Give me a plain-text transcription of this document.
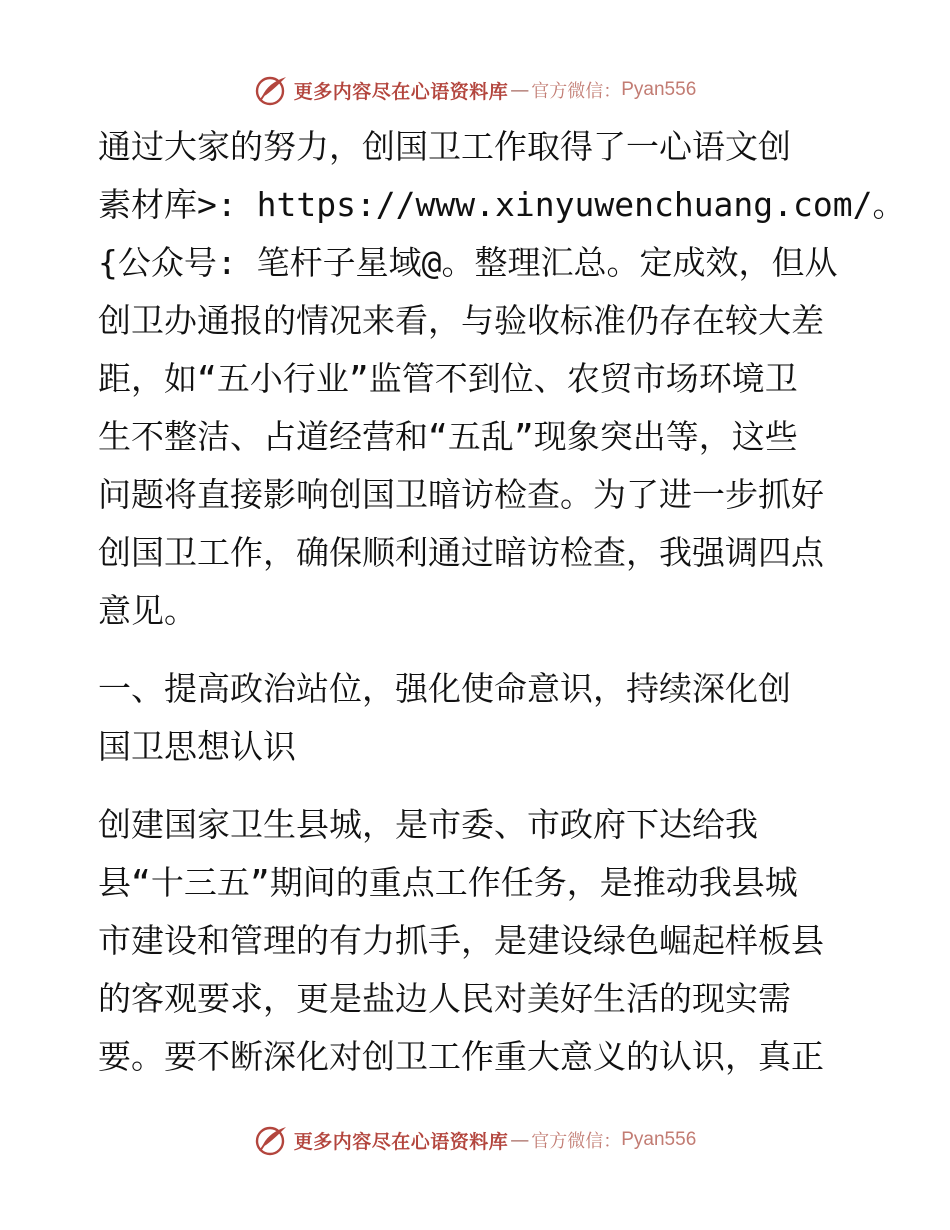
更多内容尽在心语资料库 — 官方微信： Pyan556
通过大家的努力，创国卫工作取得了一心语文创
素材库>: https://www.xinyuwenchuang.com/。
{公众号: 笔杆子星域@。整理汇总。定成效，但从
创卫办通报的情况来看，与验收标准仍存在较大差
距，如“五小行业”监管不到位、农贸市场环境卫
生不整洁、占道经营和“五乱”现象突出等，这些
问题将直接影响创国卫暗访检查。为了进一步抓好
创国卫工作，确保顺利通过暗访检查，我强调四点
意见。
一、提高政治站位，强化使命意识，持续深化创
国卫思想认识
创建国家卫生县城，是市委、市政府下达给我
县“十三五”期间的重点工作任务，是推动我县城
市建设和管理的有力抓手，是建设绿色崛起样板县
的客观要求，更是盐边人民对美好生活的现实需
要。要不断深化对创卫工作重大意义的认识，真正
更多内容尽在心语资料库 — 官方微信： Pyan556
